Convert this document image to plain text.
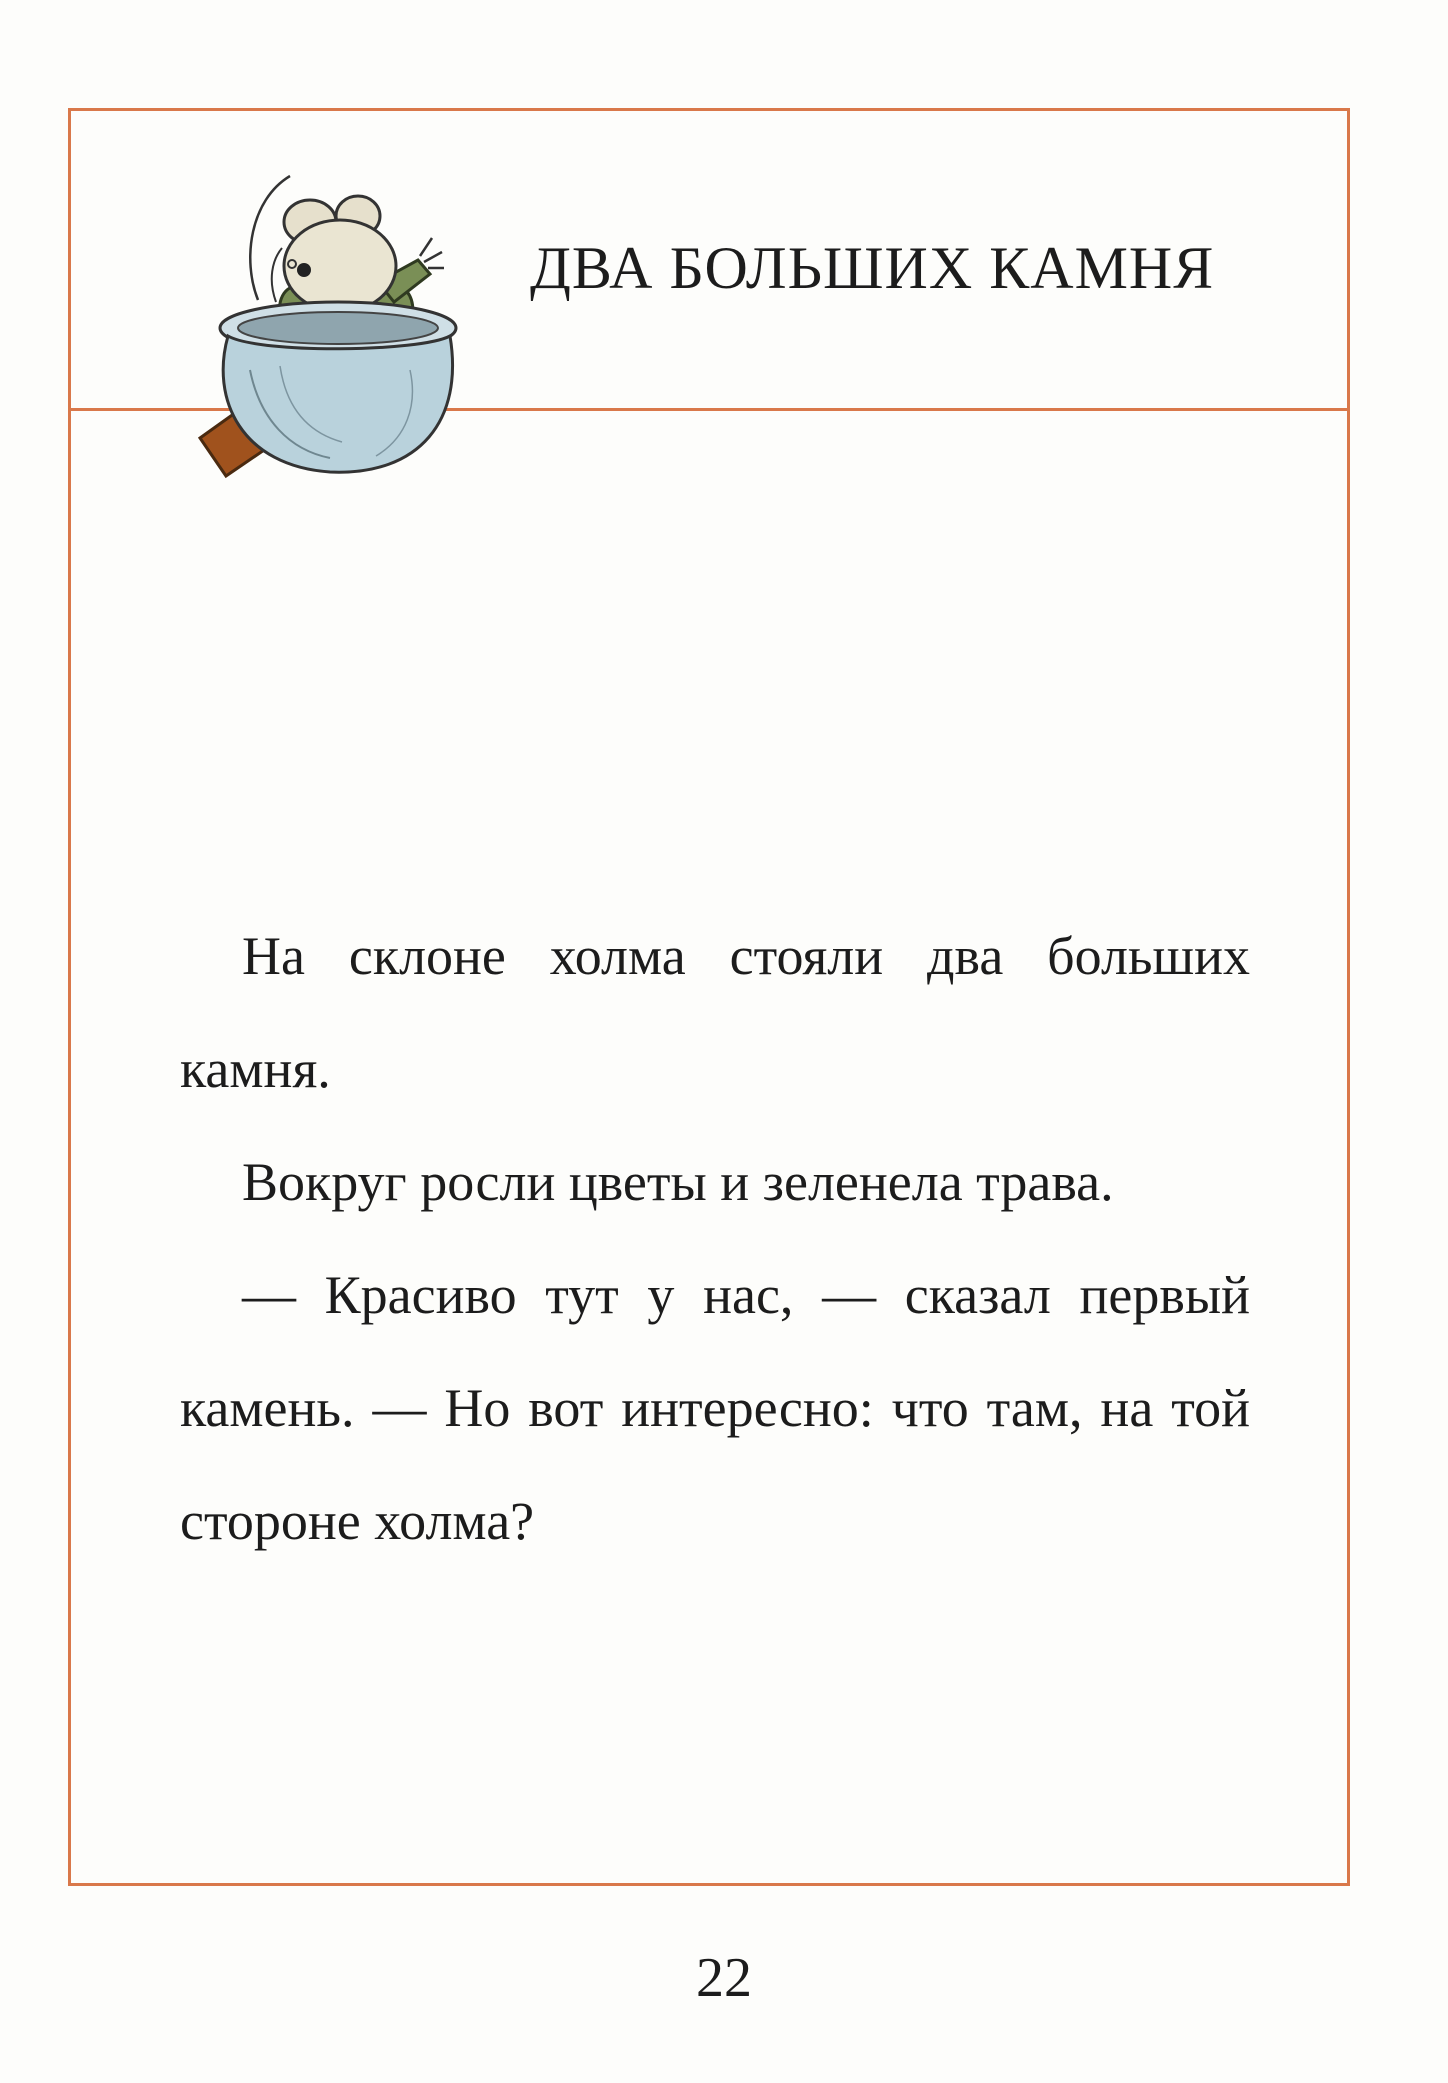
ДВА БОЛЬШИХ КАМНЯ

На склоне холма стояли два больших камня.

Вокруг росли цветы и зеленела трава.

— Красиво тут у нас, — сказал первый камень. — Но вот интересно: что там, на той стороне холма?

22
